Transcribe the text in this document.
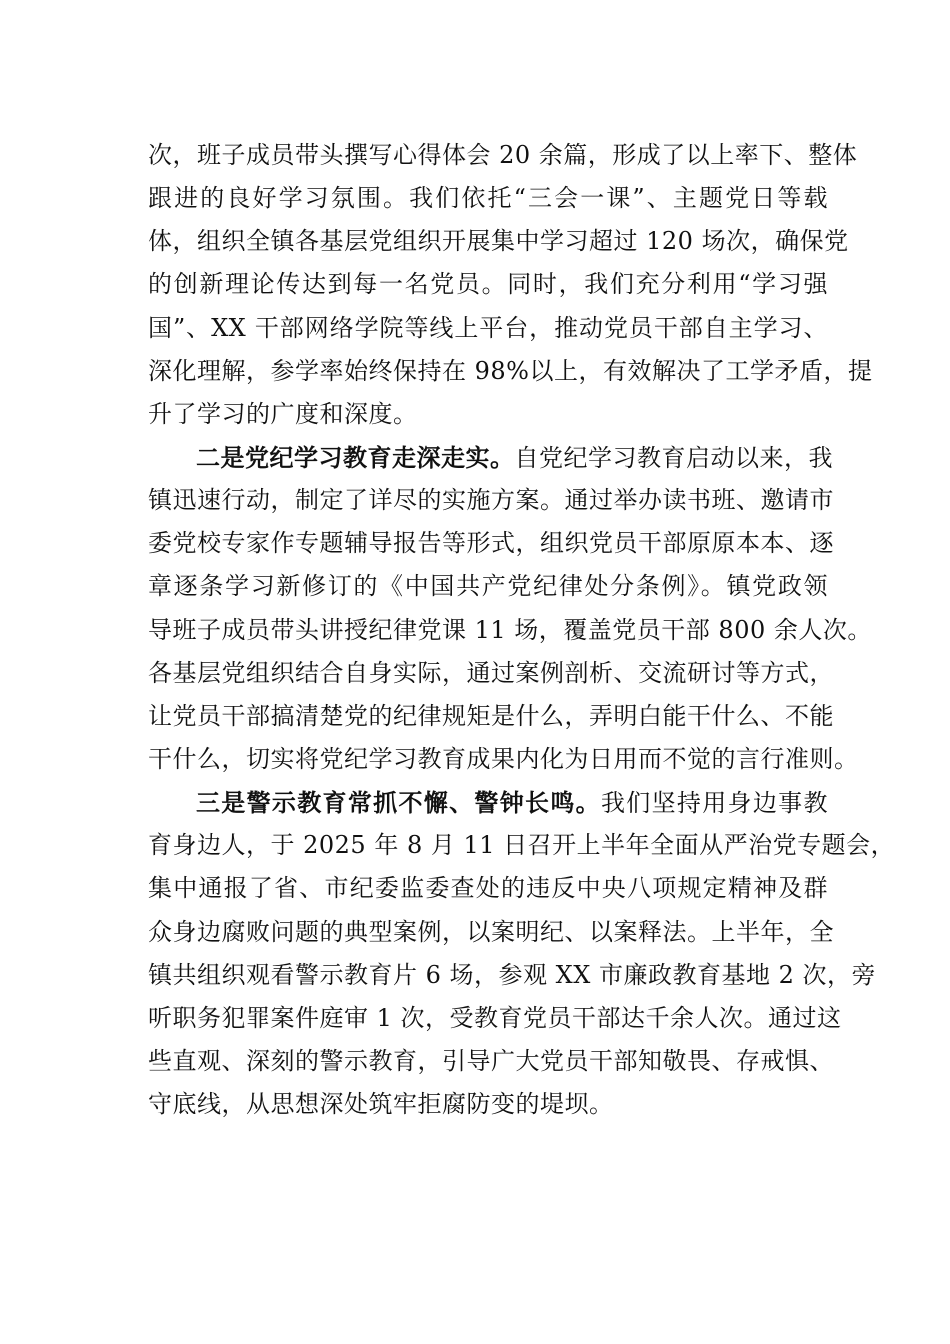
次，班子成员带头撰写心得体会 20 余篇，形成了以上率下、整体
跟进的良好学习氛围。我们依托“三会一课”、主题党日等载
体，组织全镇各基层党组织开展集中学习超过 120 场次，确保党
的创新理论传达到每一名党员。同时，我们充分利用“学习强
国”、XX 干部网络学院等线上平台，推动党员干部自主学习、
深化理解，参学率始终保持在 98%以上，有效解决了工学矛盾，提
升了学习的广度和深度。
二是党纪学习教育走深走实。自党纪学习教育启动以来，我
镇迅速行动，制定了详尽的实施方案。通过举办读书班、邀请市
委党校专家作专题辅导报告等形式，组织党员干部原原本本、逐
章逐条学习新修订的《中国共产党纪律处分条例》。镇党政领
导班子成员带头讲授纪律党课 11 场，覆盖党员干部 800 余人次。
各基层党组织结合自身实际，通过案例剖析、交流研讨等方式，
让党员干部搞清楚党的纪律规矩是什么，弄明白能干什么、不能
干什么，切实将党纪学习教育成果内化为日用而不觉的言行准则。
三是警示教育常抓不懈、警钟长鸣。我们坚持用身边事教
育身边人，于 2025 年 8 月 11 日召开上半年全面从严治党专题会，
集中通报了省、市纪委监委查处的违反中央八项规定精神及群
众身边腐败问题的典型案例，以案明纪、以案释法。上半年，全
镇共组织观看警示教育片 6 场，参观 XX 市廉政教育基地 2 次，旁
听职务犯罪案件庭审 1 次，受教育党员干部达千余人次。通过这
些直观、深刻的警示教育，引导广大党员干部知敬畏、存戒惧、
守底线，从思想深处筑牢拒腐防变的堤坝。
